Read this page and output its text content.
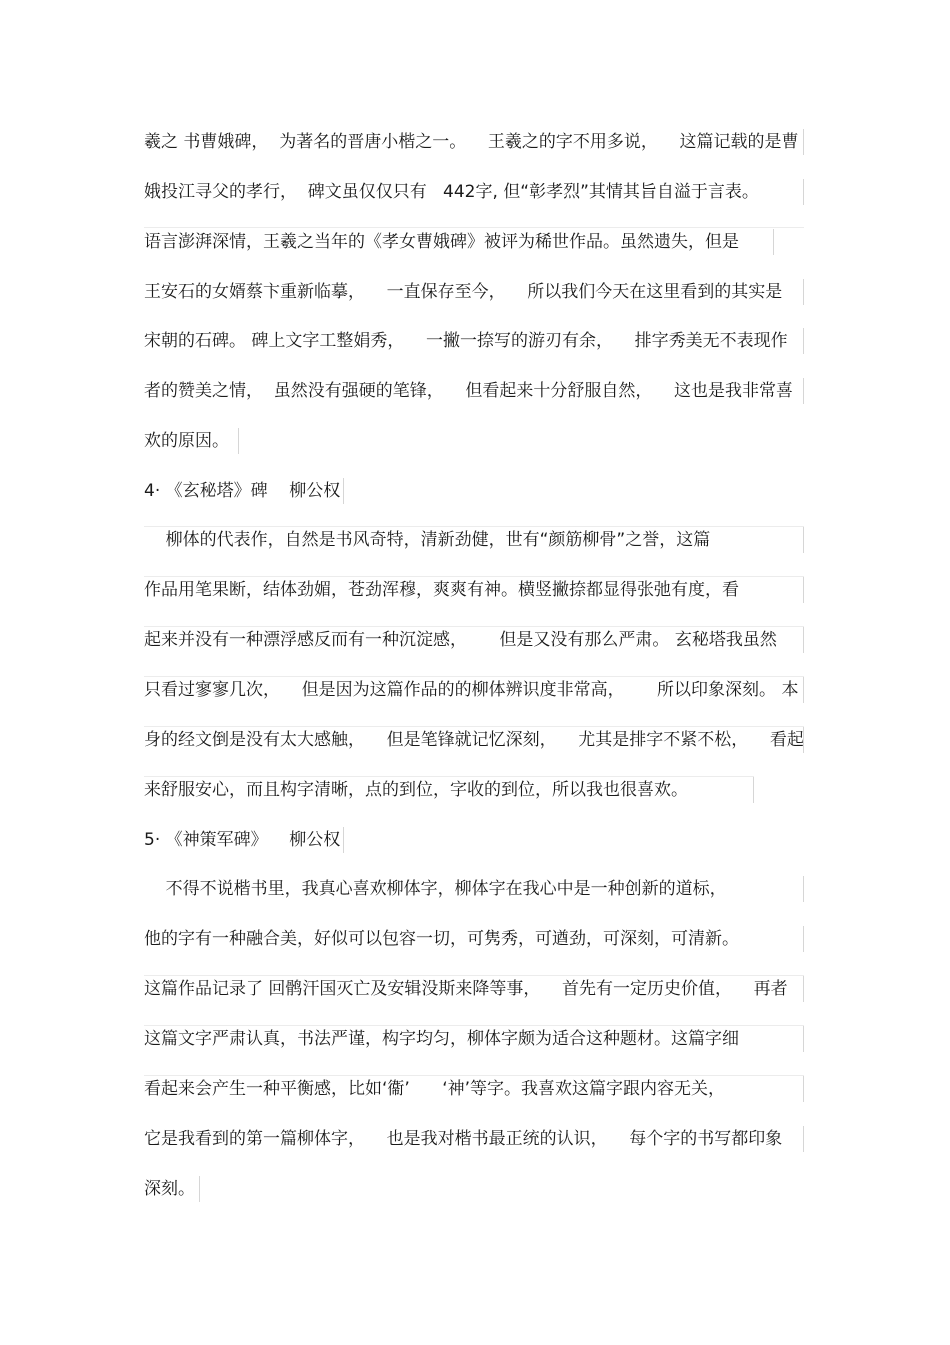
羲之 书曹娥碑，  为著名的晋唐小楷之一。    王羲之的字不用多说，    这篇记载的是曹
娥投江寻父的孝行，  碑文虽仅仅只有   442字, 但“彰孝烈”其情其旨自溢于言表。
语言澎湃深情，王羲之当年的《孝女曹娥碑》被评为稀世作品。虽然遗失，但是
王安石的女婿蔡卞重新临摹，    一直保存至今，    所以我们今天在这里看到的其实是
宋朝的石碑。 碑上文字工整娟秀，    一撇一捺写的游刃有余，    排字秀美无不表现作
者的赞美之情，  虽然没有强硬的笔锋，    但看起来十分舒服自然，    这也是我非常喜
欢的原因。
4· 《玄秘塔》碑    柳公权
柳体的代表作，自然是书风奇特，清新劲健，世有“颜筋柳骨”之誉，这篇
作品用笔果断，结体劲媚，苍劲浑穆，爽爽有神。横竖撇捺都显得张弛有度，看
起来并没有一种漂浮感反而有一种沉淀感，      但是又没有那么严肃。 玄秘塔我虽然
只看过寥寥几次，    但是因为这篇作品的的柳体辨识度非常高，      所以印象深刻。 本
身的经文倒是没有太大感触，    但是笔锋就记忆深刻，    尤其是排字不紧不松，    看起
来舒服安心，而且构字清晰，点的到位，字收的到位，所以我也很喜欢。
5· 《神策军碑》    柳公权
不得不说楷书里，我真心喜欢柳体字，柳体字在我心中是一种创新的道标，
他的字有一种融合美，好似可以包容一切，可隽秀，可遒劲，可深刻，可清新。
这篇作品记录了 回鹘汗国灭亡及安辑没斯来降等事，    首先有一定历史价值，    再者
这篇文字严肃认真，书法严谨，构字均匀，柳体字颇为适合这种题材。这篇字细
看起来会产生一种平衡感，比如‘衞’      ‘神’等字。我喜欢这篇字跟内容无关，
它是我看到的第一篇柳体字，    也是我对楷书最正统的认识，    每个字的书写都印象
深刻。
